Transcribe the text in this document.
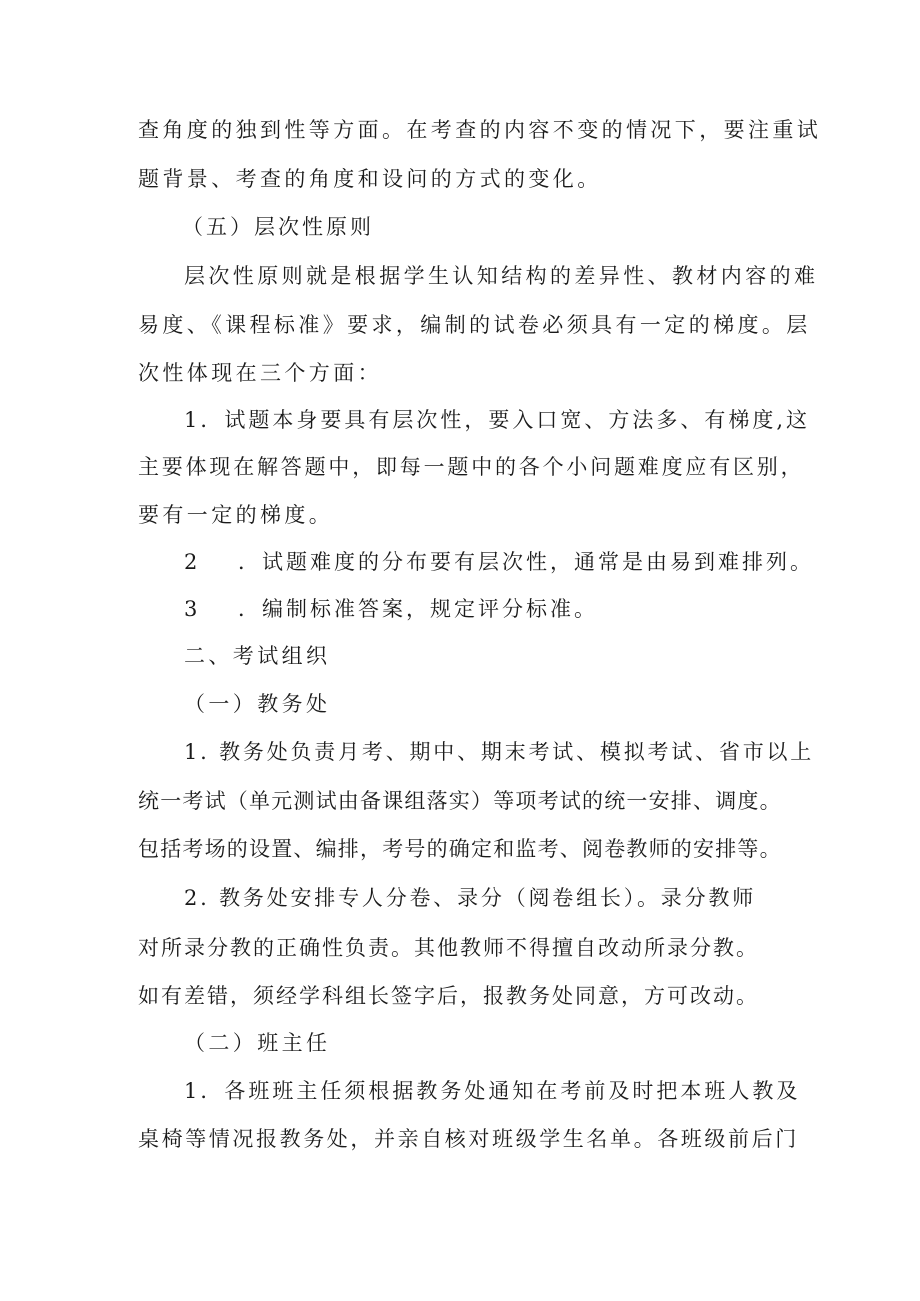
查角度的独到性等方面。在考查的内容不变的情况下，要注重试
题背景、考查的角度和设问的方式的变化。
（五）层次性原则
层次性原则就是根据学生认知结构的差异性、教材内容的难
易度、《课程标准》要求，编制的试卷必须具有一定的梯度。层
次性体现在三个方面：
1．试题本身要具有层次性，要入口宽、方法多、有梯度,这
主要体现在解答题中，即每一题中的各个小问题难度应有区别，
要有一定的梯度。
2 ．试题难度的分布要有层次性，通常是由易到难排列。
3 ．编制标准答案，规定评分标准。
二、考试组织
（一）教务处
1. 教务处负责月考、期中、期末考试、模拟考试、省市以上
统一考试（单元测试由备课组落实）等项考试的统一安排、调度。
包括考场的设置、编排，考号的确定和监考、阅卷教师的安排等。
2. 教务处安排专人分卷、录分（阅卷组长）。录分教师
对所录分教的正确性负责。其他教师不得擅自改动所录分教。
如有差错，须经学科组长签字后，报教务处同意，方可改动。
（二）班主任
1．各班班主任须根据教务处通知在考前及时把本班人教及
桌椅等情况报教务处，并亲自核对班级学生名单。各班级前后门
